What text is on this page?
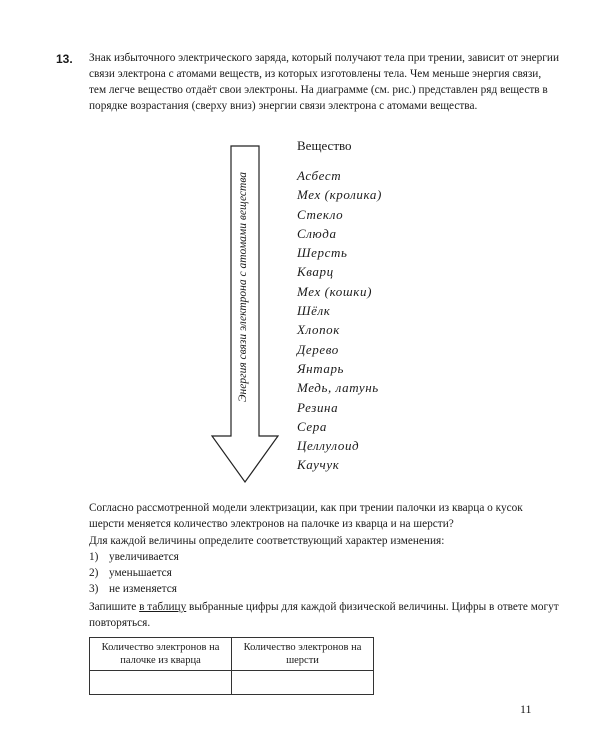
13. Знак избыточного электрического заряда, который получают тела при трении, зависит от энергии связи электрона с атомами веществ, из которых изготовлены тела. Чем меньше энергия связи, тем легче вещество отдаёт свои электроны. На диаграмме (см. рис.) представлен ряд веществ в порядке возрастания (сверху вниз) энергии связи электрона с атомами вещества.

Энергия связи электрона с атомами вещества

Вещество

Асбест
Мех (кролика)
Стекло
Слюда
Шерсть
Кварц
Мех (кошки)
Шёлк
Хлопок
Дерево
Янтарь
Медь, латунь
Резина
Сера
Целлулоид
Каучук

Согласно рассмотренной модели электризации, как при трении палочки из кварца о кусок шерсти меняется количество электронов на палочке из кварца и на шерсти?

Для каждой величины определите соответствующий характер изменения:

1) увеличивается
2) уменьшается
3) не изменяется

Запишите в таблицу выбранные цифры для каждой физической величины. Цифры в ответе могут повторяться.

Количество электронов на палочке из кварца	Количество электронов на шерсти

11
